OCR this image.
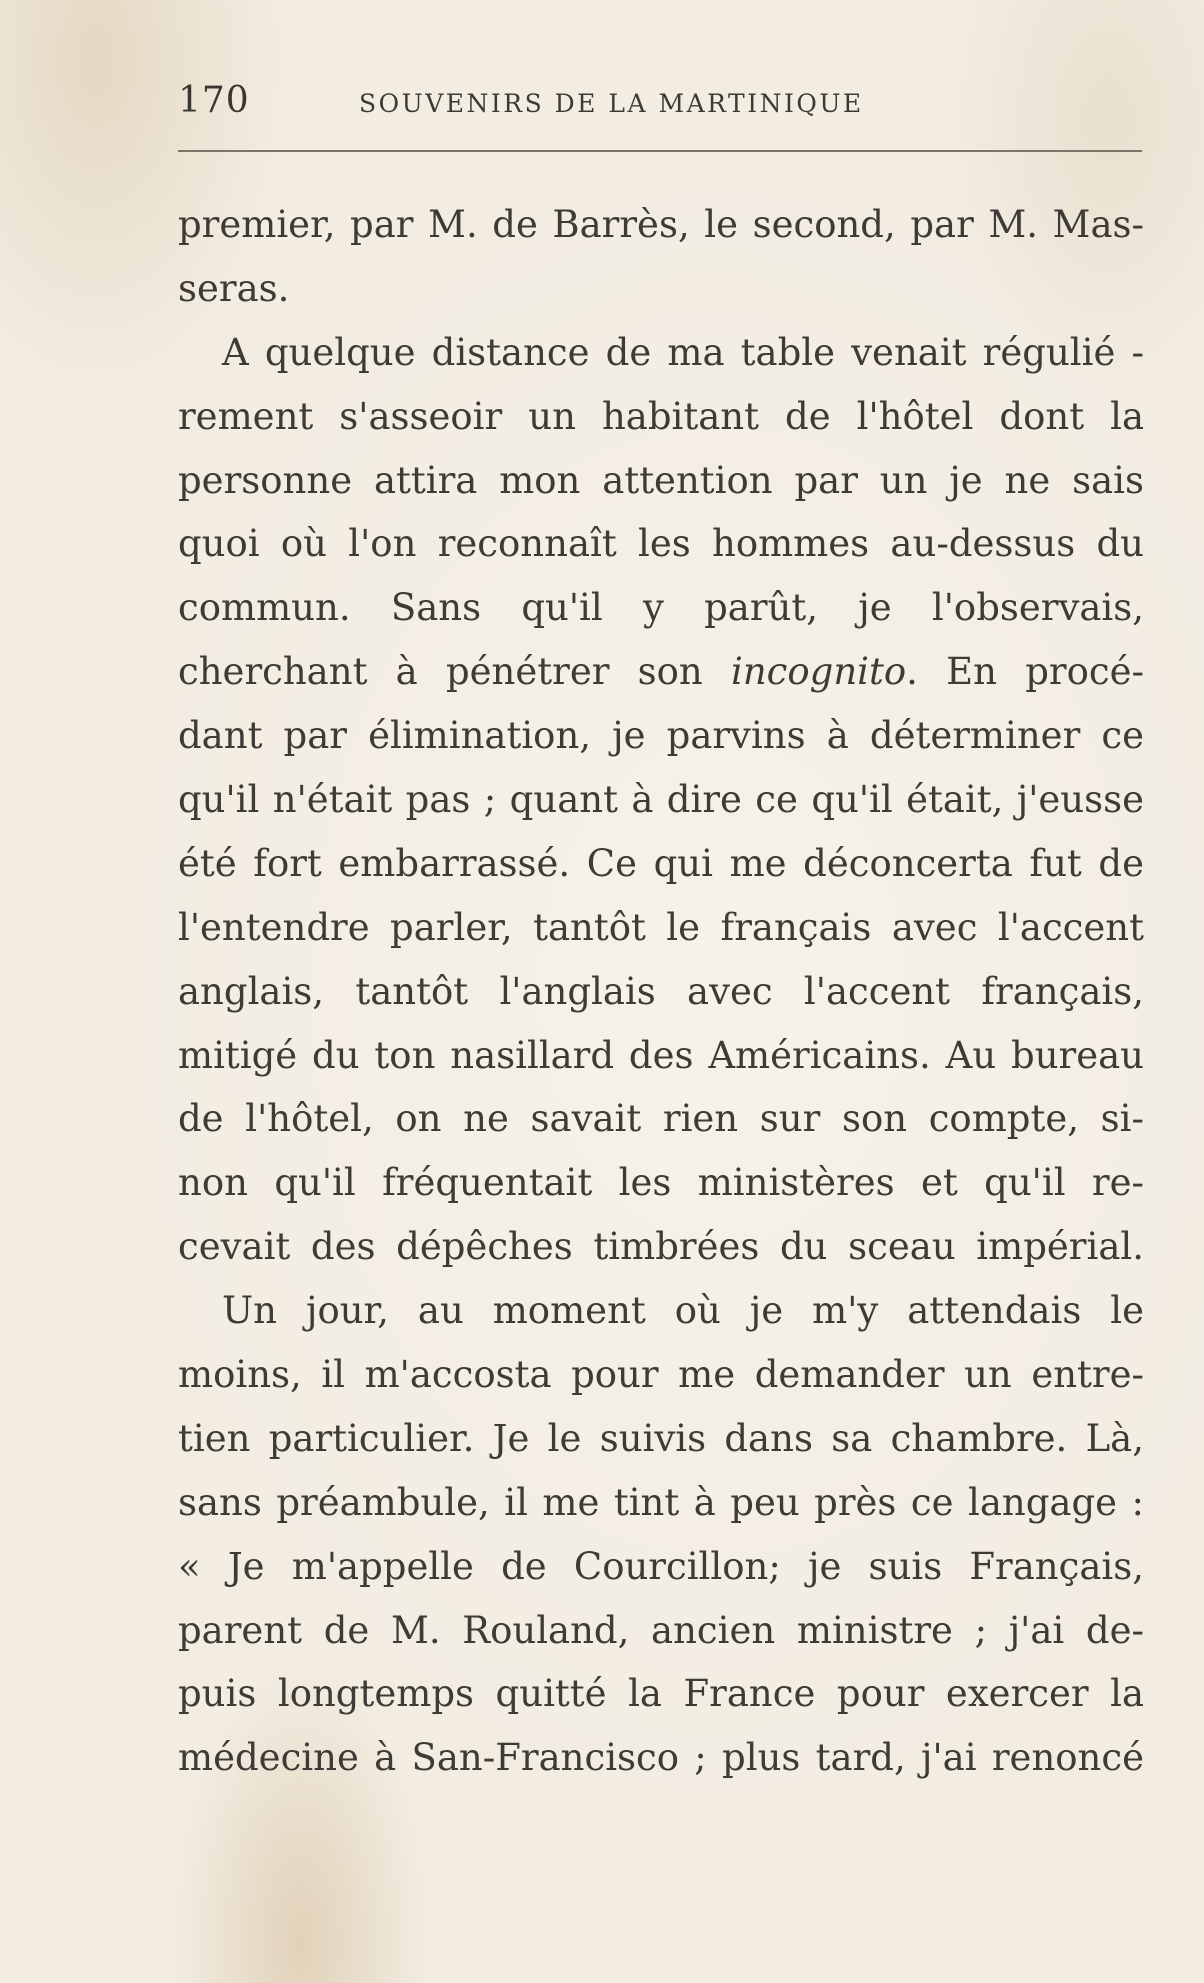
170	SOUVENIRS DE LA MARTINIQUE
premier, par M. de Barrès, le second, par M. Mas-
seras.
A quelque distance de ma table venait régulié -
rement s'asseoir un habitant de l'hôtel dont la
personne attira mon attention par un je ne sais
quoi où l'on reconnaît les hommes au-dessus du
commun. Sans qu'il y parût, je l'observais,
cherchant à pénétrer son incognito. En procé-
dant par élimination, je parvins à déterminer ce
qu'il n'était pas ; quant à dire ce qu'il était, j'eusse
été fort embarrassé. Ce qui me déconcerta fut de
l'entendre parler, tantôt le français avec l'accent
anglais, tantôt l'anglais avec l'accent français,
mitigé du ton nasillard des Américains. Au bureau
de l'hôtel, on ne savait rien sur son compte, si-
non qu'il fréquentait les ministères et qu'il re-
cevait des dépêches timbrées du sceau impérial.
Un jour, au moment où je m'y attendais le
moins, il m'accosta pour me demander un entre-
tien particulier. Je le suivis dans sa chambre. Là,
sans préambule, il me tint à peu près ce langage :
« Je m'appelle de Courcillon; je suis Français,
parent de M. Rouland, ancien ministre ; j'ai de-
puis longtemps quitté la France pour exercer la
médecine à San-Francisco ; plus tard, j'ai renoncé
